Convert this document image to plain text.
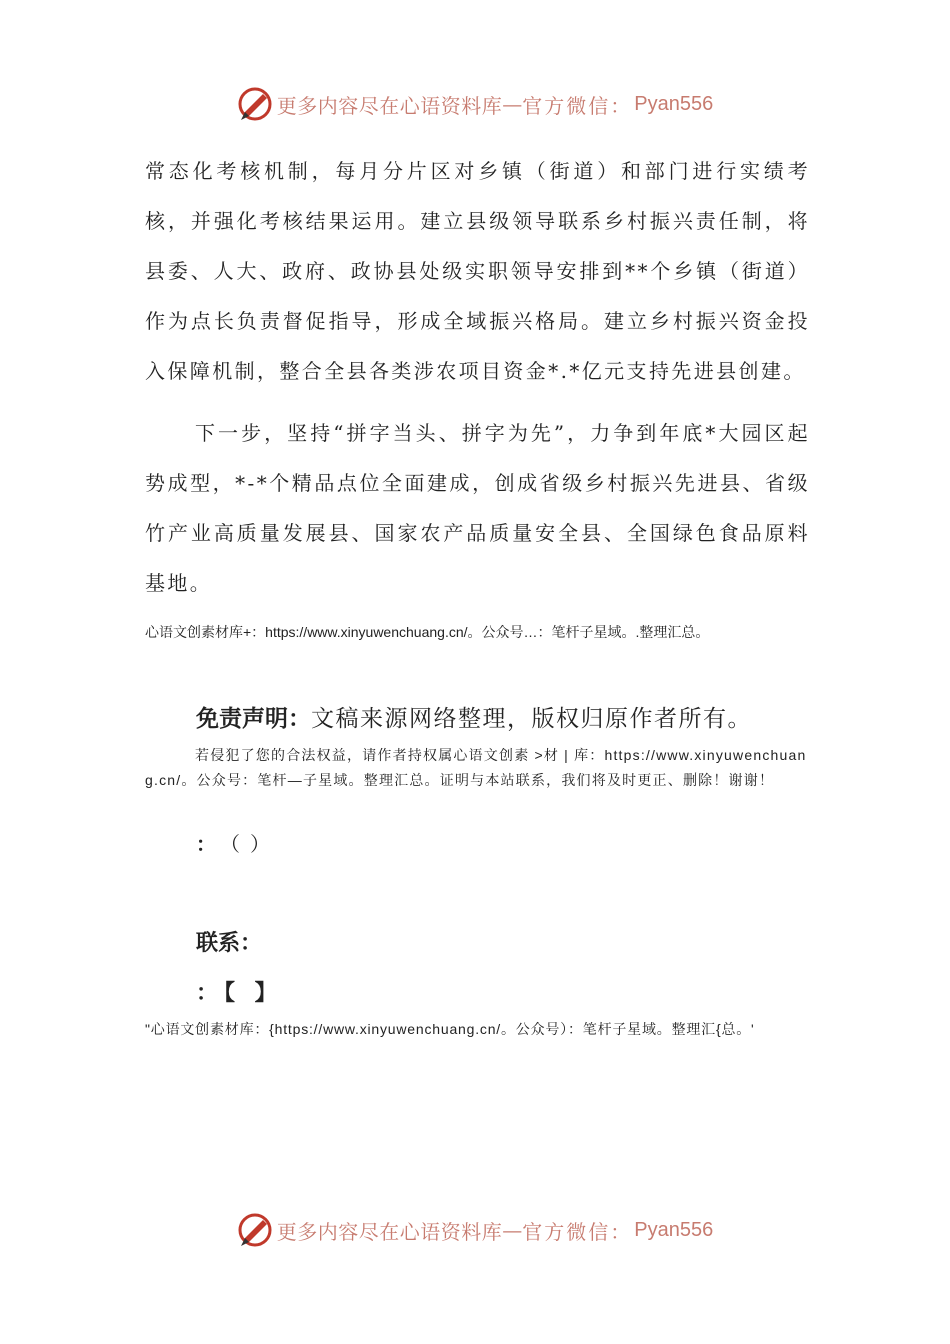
更多内容尽在心语资料库 — 官方微信： Pyan556

常态化考核机制，每月分片区对乡镇（街道）和部门进行实绩考核，并强化考核结果运用。建立县级领导联系乡村振兴责任制，将县委、人大、政府、政协县处级实职领导安排到**个乡镇（街道）作为点长负责督促指导，形成全域振兴格局。建立乡村振兴资金投入保障机制，整合全县各类涉农项目资金*.*亿元支持先进县创建。

下一步，坚持“拼字当头、拼字为先”，力争到年底*大园区起势成型，*-*个精品点位全面建成，创成省级乡村振兴先进县、省级竹产业高质量发展县、国家农产品质量安全县、全国绿色食品原料基地。

心语文创素材库+：https://www.xinyuwenchuang.cn/。公众号…：笔杆子星域。.整理汇总。

免责声明：文稿来源网络整理，版权归原作者所有。

若侵犯了您的合法权益，请作者持权属心语文创素 >材 | 库：https://www.xinyuwenchuang.cn/。公众号：笔杆—子星域。整理汇总。证明与本站联系，我们将及时更正、删除！谢谢！

： （）

联系：

：【 】

"心语文创素材库：{https://www.xinyuwenchuang.cn/。公众号）：笔杆子星域。整理汇{总。'

更多内容尽在心语资料库 — 官方微信： Pyan556
